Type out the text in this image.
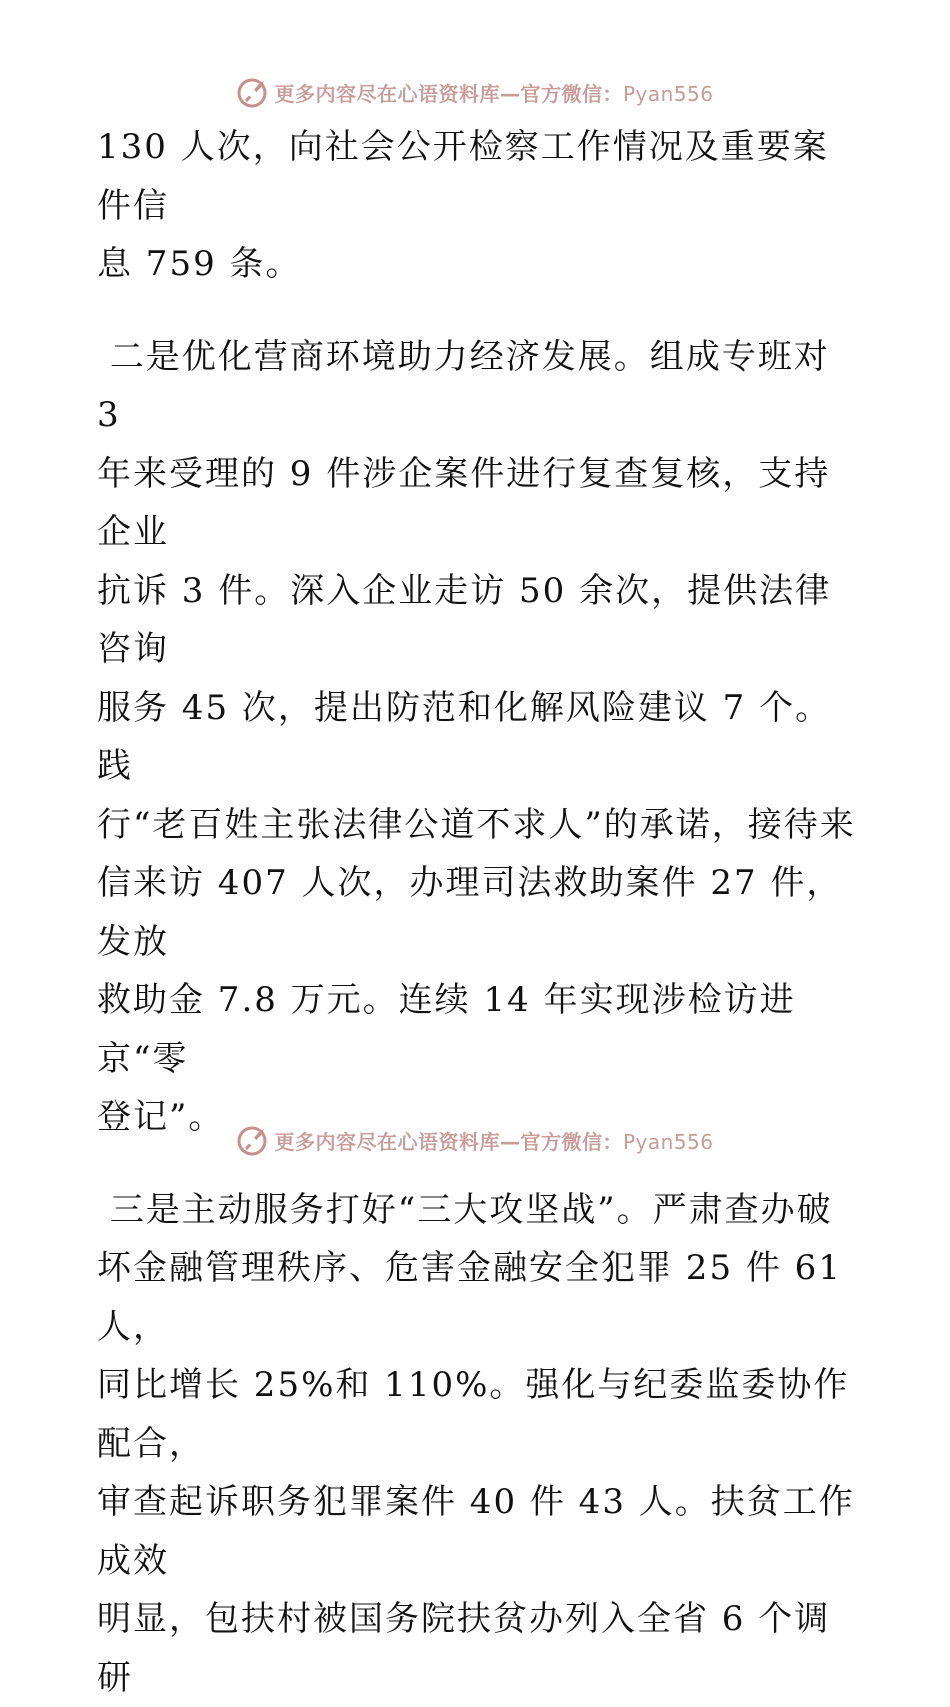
更多内容尽在心语资料库—官方微信：Pyan556

130 人次，向社会公开检察工作情况及重要案件信

息 759 条。

二是优化营商环境助力经济发展。组成专班对 3

年来受理的 9 件涉企案件进行复查复核，支持企业

抗诉 3 件。深入企业走访 50 余次，提供法律咨询

服务 45 次，提出防范和化解风险建议 7 个。践

行“老百姓主张法律公道不求人”的承诺，接待来

信来访 407 人次，办理司法救助案件 27 件，发放

救助金 7.8 万元。连续 14 年实现涉检访进京“零

登记”。

三是主动服务打好“三大攻坚战”。严肃查办破

坏金融管理秩序、危害金融安全犯罪 25 件 61 人，

同比增长 25%和 110%。强化与纪委监委协作配合，

审查起诉职务犯罪案件 40 件 43 人。扶贫工作成效

明显，包扶村被国务院扶贫办列入全省 6 个调研

更多内容尽在心语资料库—官方微信：Pyan556
